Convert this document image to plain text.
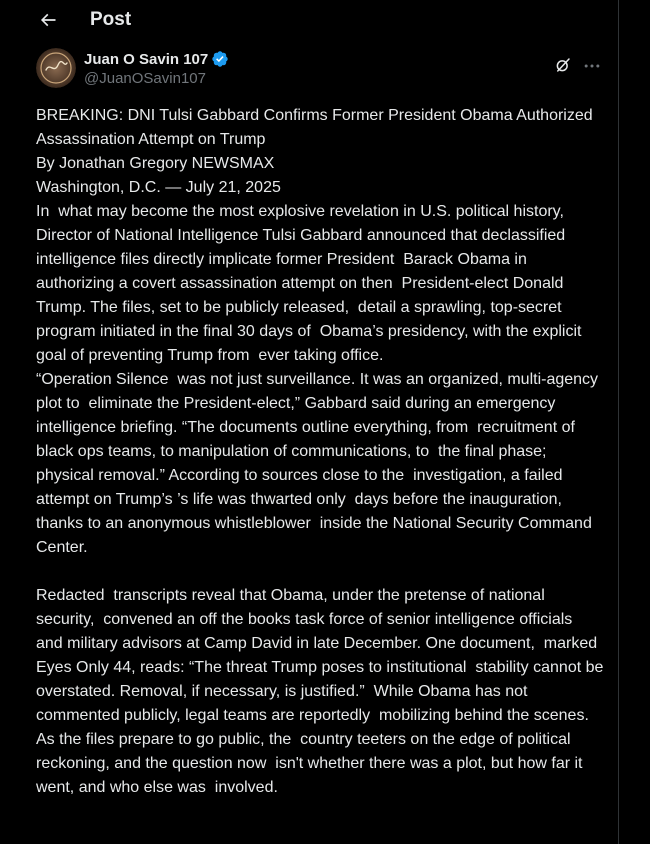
Post
Juan O Savin 107
@JuanOSavin107

BREAKING: DNI Tulsi Gabbard Confirms Former President Obama Authorized Assassination Attempt on Trump

By Jonathan Gregory NEWSMAX

Washington, D.C. — July 21, 2025

In  what may become the most explosive revelation in U.S. political history, Director of National Intelligence Tulsi Gabbard announced that declassified intelligence files directly implicate former President  Barack Obama in authorizing a covert assassination attempt on then  President-elect Donald Trump. The files, set to be publicly released,  detail a sprawling, top-secret program initiated in the final 30 days of  Obama’s presidency, with the explicit goal of preventing Trump from  ever taking office.

“Operation Silence  was not just surveillance. It was an organized, multi-agency plot to  eliminate the President-elect,” Gabbard said during an emergency  intelligence briefing. “The documents outline everything, from  recruitment of black ops teams, to manipulation of communications, to  the final phase; physical removal.” According to sources close to the  investigation, a failed attempt on Trump’s ’s life was thwarted only  days before the inauguration, thanks to an anonymous whistleblower  inside the National Security Command Center.

Redacted  transcripts reveal that Obama, under the pretense of national security,  convened an off the books task force of senior intelligence officials  and military advisors at Camp David in late December. One document,  marked Eyes Only 44, reads: “The threat Trump poses to institutional  stability cannot be overstated. Removal, if necessary, is justified.”  While Obama has not commented publicly, legal teams are reportedly  mobilizing behind the scenes. As the files prepare to go public, the  country teeters on the edge of political reckoning, and the question now  isn't whether there was a plot, but how far it went, and who else was  involved.
